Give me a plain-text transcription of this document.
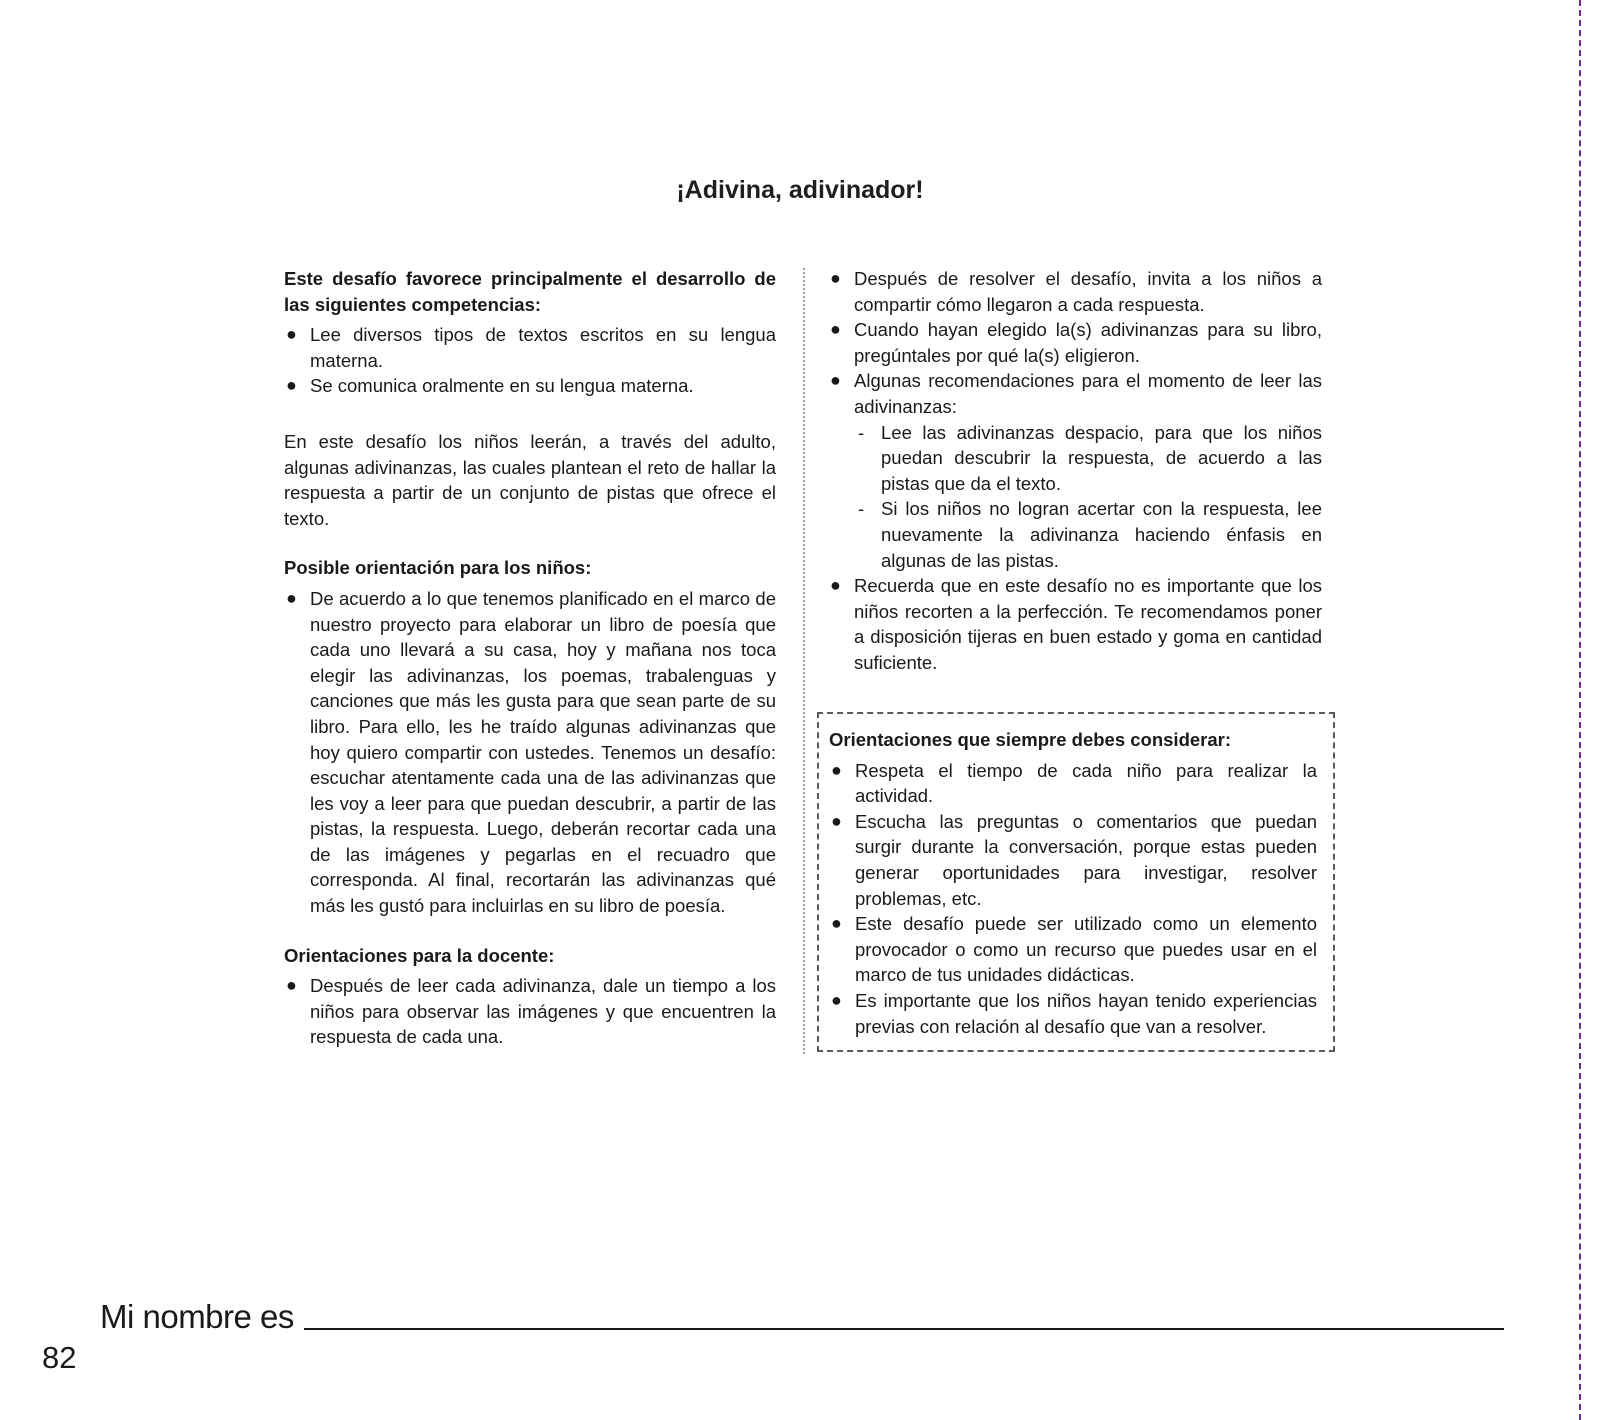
¡Adivina, adivinador!
Este desafío favorece principalmente el desarrollo de las siguientes competencias:
● Lee diversos tipos de textos escritos en su lengua materna.
● Se comunica oralmente en su lengua materna.

En este desafío los niños leerán, a través del adulto, algunas adivinanzas, las cuales plantean el reto de hallar la respuesta a partir de un conjunto de pistas que ofrece el texto.

Posible orientación para los niños:
● De acuerdo a lo que tenemos planificado en el marco de nuestro proyecto para elaborar un libro de poesía que cada uno llevará a su casa, hoy y mañana nos toca elegir las adivinanzas, los poemas, trabalenguas y canciones que más les gusta para que sean parte de su libro. Para ello, les he traído algunas adivinanzas que hoy quiero compartir con ustedes. Tenemos un desafío: escuchar atentamente cada una de las adivinanzas que les voy a leer para que puedan descubrir, a partir de las pistas, la respuesta. Luego, deberán recortar cada una de las imágenes y pegarlas en el recuadro que corresponda. Al final, recortarán las adivinanzas qué más les gustó para incluirlas en su libro de poesía.
Orientaciones para la docente:
● Después de leer cada adivinanza, dale un tiempo a los niños para observar las imágenes y que encuentren la respuesta de cada una.
● Después de resolver el desafío, invita a los niños a compartir cómo llegaron a cada respuesta.
● Cuando hayan elegido la(s) adivinanzas para su libro, pregúntales por qué la(s) eligieron.
● Algunas recomendaciones para el momento de leer las adivinanzas:
- Lee las adivinanzas despacio, para que los niños puedan descubrir la respuesta, de acuerdo a las pistas que da el texto.
- Si los niños no logran acertar con la respuesta, lee nuevamente la adivinanza haciendo énfasis en algunas de las pistas.
● Recuerda que en este desafío no es importante que los niños recorten a la perfección. Te recomendamos poner a disposición tijeras en buen estado y goma en cantidad suficiente.
Orientaciones que siempre debes considerar:
● Respeta el tiempo de cada niño para realizar la actividad.
● Escucha las preguntas o comentarios que puedan surgir durante la conversación, porque estas pueden generar oportunidades para investigar, resolver problemas, etc.
● Este desafío puede ser utilizado como un elemento provocador o como un recurso que puedes usar en el marco de tus unidades didácticas.
● Es importante que los niños hayan tenido experiencias previas con relación al desafío que van a resolver.
Mi nombre es
82
